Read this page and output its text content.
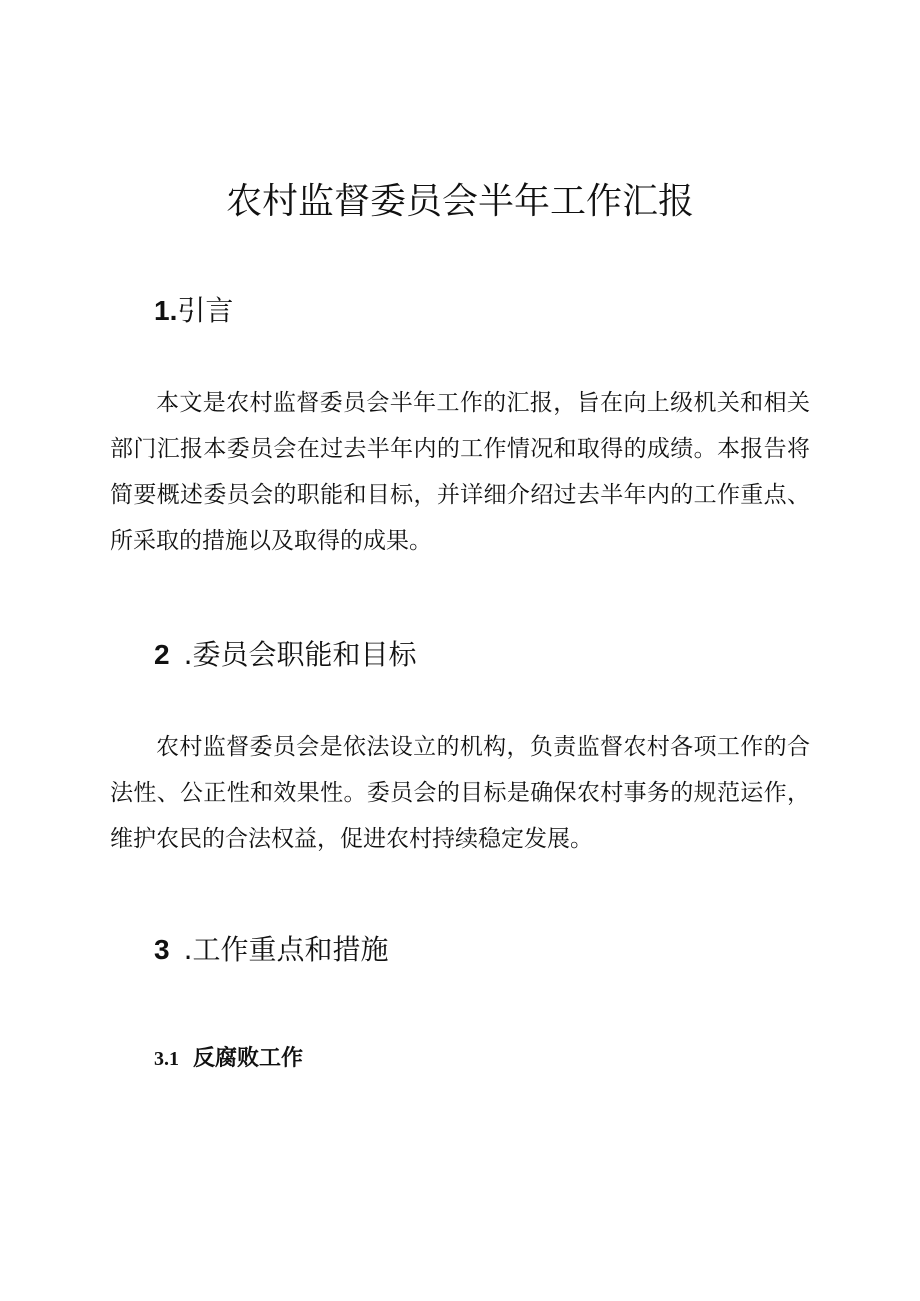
农村监督委员会半年工作汇报
1.引言

本文是农村监督委员会半年工作的汇报，旨在向上级机关和相关部门汇报本委员会在过去半年内的工作情况和取得的成绩。本报告将简要概述委员会的职能和目标，并详细介绍过去半年内的工作重点、所采取的措施以及取得的成果。

2 .委员会职能和目标

农村监督委员会是依法设立的机构，负责监督农村各项工作的合法性、公正性和效果性。委员会的目标是确保农村事务的规范运作，维护农民的合法权益，促进农村持续稳定发展。

3 .工作重点和措施
3.1 反腐败工作
